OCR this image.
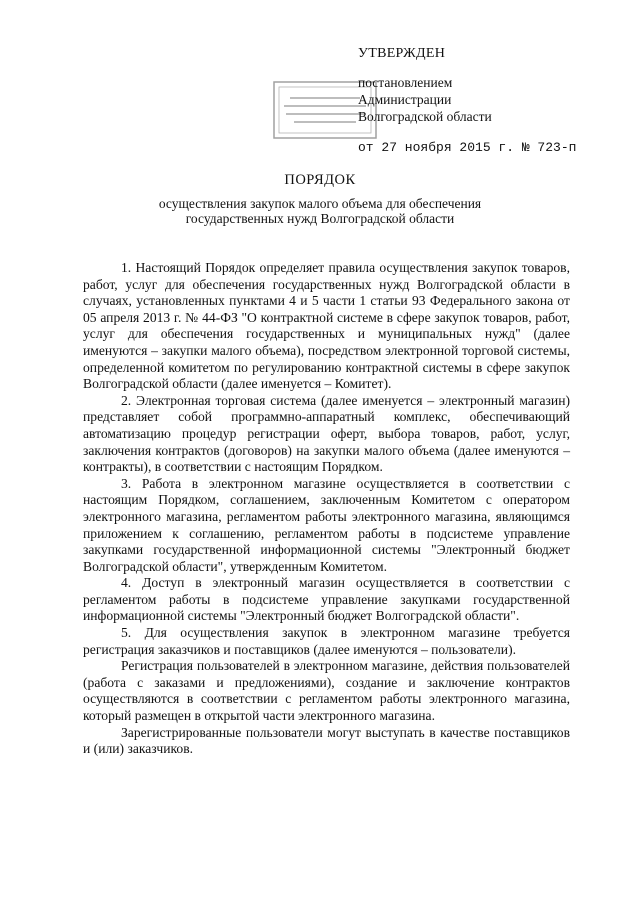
УТВЕРЖДЕН
постановлением
Администрации
Волгоградской области
от 27 ноября 2015 г. № 723-п
ПОРЯДОК
осуществления закупок малого объема для обеспечения
государственных нужд Волгоградской области

1. Настоящий Порядок определяет правила осуществления закупок товаров, работ, услуг для обеспечения государственных нужд Волгоградской области в случаях, установленных пунктами 4 и 5 части 1 статьи 93 Федерального закона от 05 апреля 2013 г. № 44-ФЗ "О контрактной системе в сфере закупок товаров, работ, услуг для обеспечения государственных и муниципальных нужд" (далее именуются – закупки малого объема), посредством электронной торговой системы, определенной комитетом по регулированию контрактной системы в сфере закупок Волгоградской области (далее именуется – Комитет).

2. Электронная торговая система (далее именуется – электронный магазин) представляет собой программно-аппаратный комплекс, обеспечивающий автоматизацию процедур регистрации оферт, выбора товаров, работ, услуг, заключения контрактов (договоров) на закупки малого объема (далее именуются – контракты), в соответствии с настоящим Порядком.

3. Работа в электронном магазине осуществляется в соответствии с настоящим Порядком, соглашением, заключенным Комитетом с оператором электронного магазина, регламентом работы электронного магазина, являющимся приложением к соглашению, регламентом работы в подсистеме управление закупками государственной информационной системы "Электронный бюджет Волгоградской области", утвержденным Комитетом.

4. Доступ в электронный магазин осуществляется в соответствии с регламентом работы в подсистеме управление закупками государственной информационной системы "Электронный бюджет Волгоградской области".

5. Для осуществления закупок в электронном магазине требуется регистрация заказчиков и поставщиков (далее именуются – пользователи).

Регистрация пользователей в электронном магазине, действия пользователей (работа с заказами и предложениями), создание и заключение контрактов осуществляются в соответствии с регламентом работы электронного магазина, который размещен в открытой части электронного магазина.

Зарегистрированные пользователи могут выступать в качестве поставщиков и (или) заказчиков.
